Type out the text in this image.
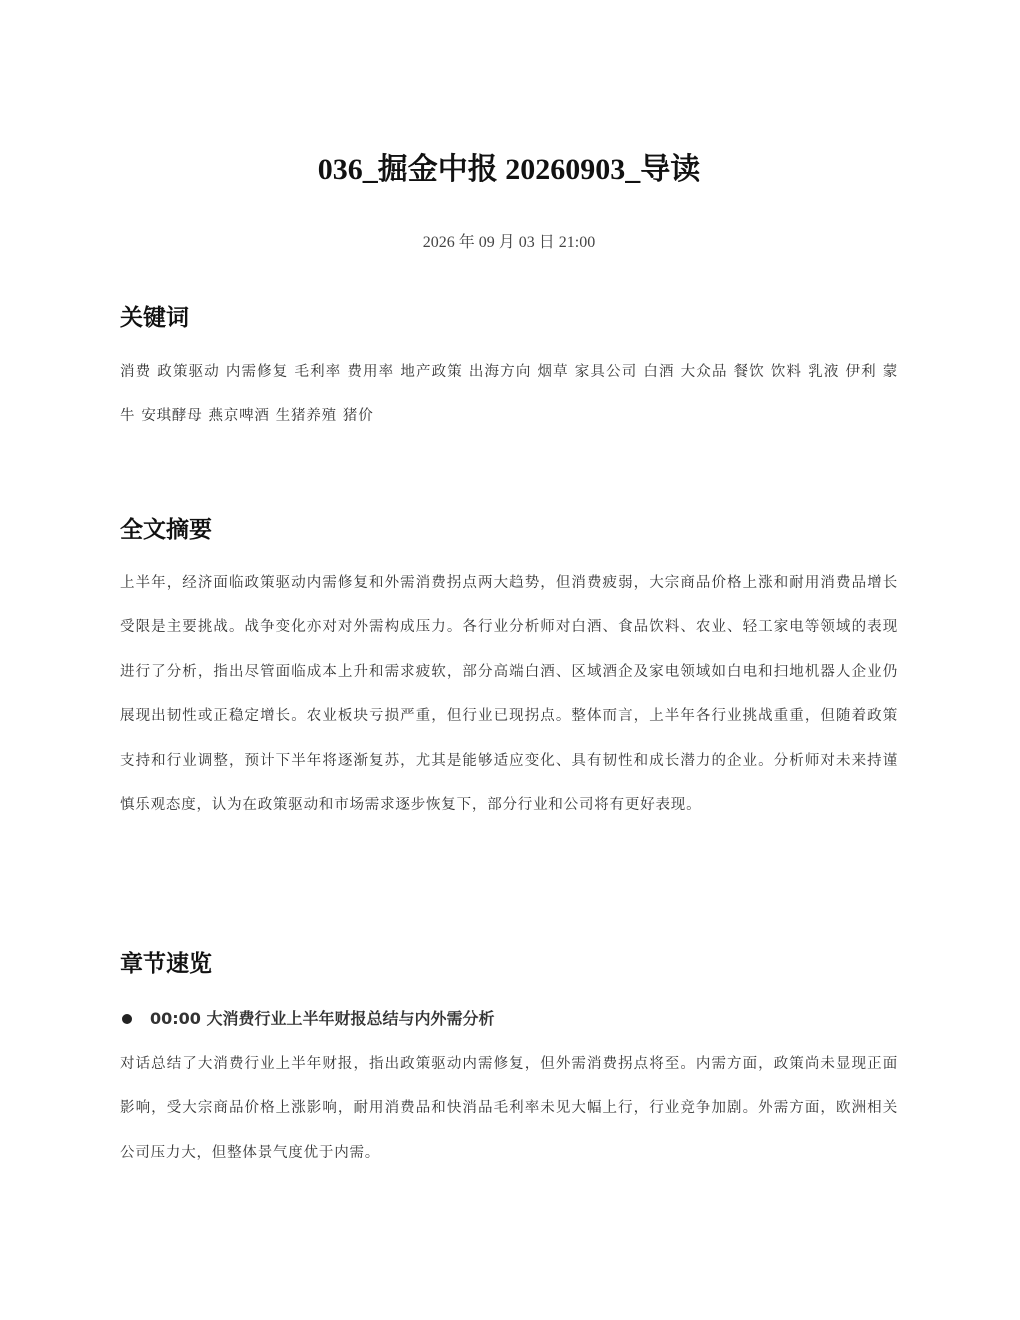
036_掘金中报 20260903_导读
2026 年 09 月 03 日 21:00
关键词

消费 政策驱动 内需修复 毛利率 费用率 地产政策 出海方向 烟草 家具公司 白酒 大众品 餐饮 饮料 乳液 伊利 蒙牛 安琪酵母 燕京啤酒 生猪养殖 猪价

全文摘要

上半年，经济面临政策驱动内需修复和外需消费拐点两大趋势，但消费疲弱，大宗商品价格上涨和耐用消费品增长受限是主要挑战。战争变化亦对对外需构成压力。各行业分析师对白酒、食品饮料、农业、轻工家电等领域的表现进行了分析，指出尽管面临成本上升和需求疲软，部分高端白酒、区域酒企及家电领域如白电和扫地机器人企业仍展现出韧性或正稳定增长。农业板块亏损严重，但行业已现拐点。整体而言，上半年各行业挑战重重，但随着政策支持和行业调整，预计下半年将逐渐复苏，尤其是能够适应变化、具有韧性和成长潜力的企业。分析师对未来持谨慎乐观态度，认为在政策驱动和市场需求逐步恢复下，部分行业和公司将有更好表现。

章节速览
00:00 大消费行业上半年财报总结与内外需分析

对话总结了大消费行业上半年财报，指出政策驱动内需修复，但外需消费拐点将至。内需方面，政策尚未显现正面影响，受大宗商品价格上涨影响，耐用消费品和快消品毛利率未见大幅上行，行业竞争加剧。外需方面，欧洲相关公司压力大，但整体景气度优于内需。
